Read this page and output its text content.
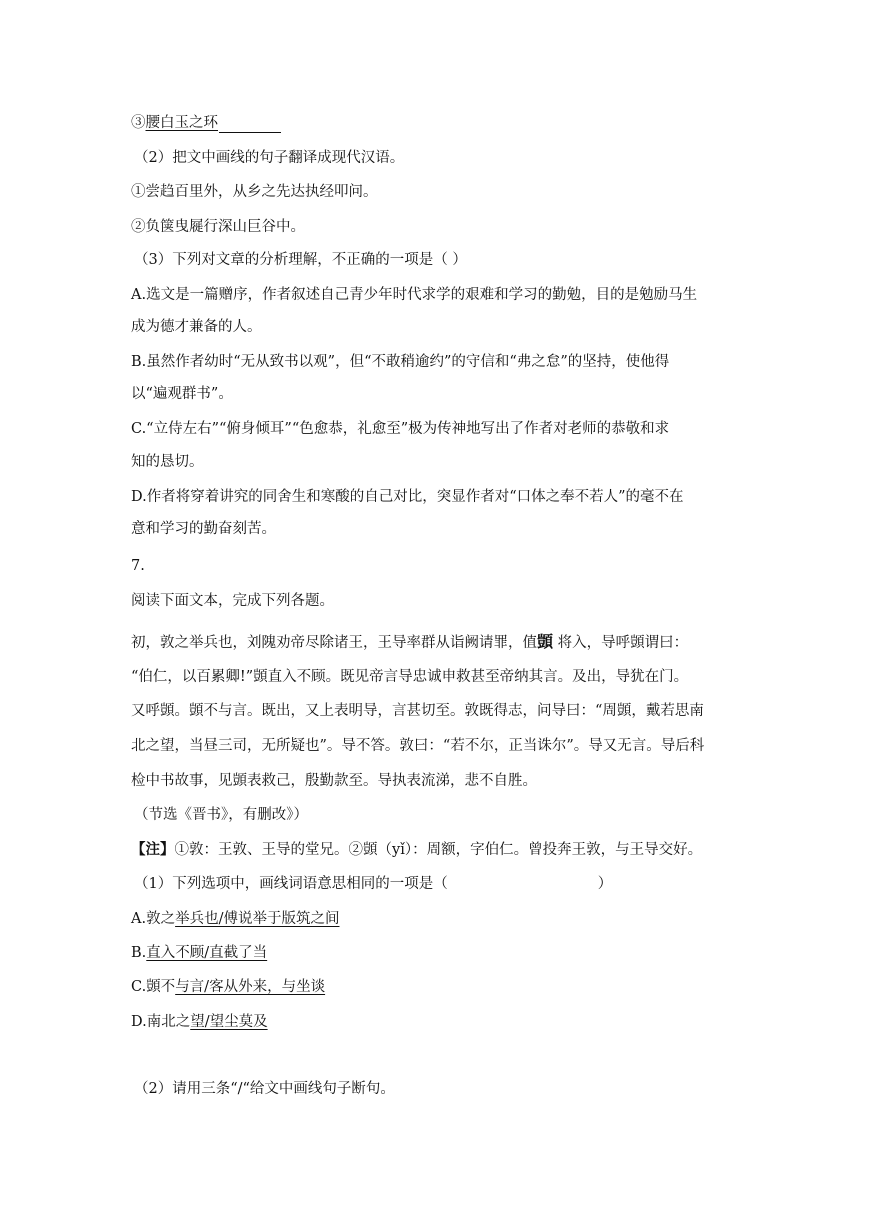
③腰白玉之环
（2）把文中画线的句子翻译成现代汉语。
①尝趋百里外，从乡之先达执经叩问。
②负箧曳屣行深山巨谷中。
（3）下列对文章的分析理解，不正确的一项是（ ）
A.选文是一篇赠序，作者叙述自己青少年时代求学的艰难和学习的勤勉，目的是勉励马生
成为德才兼备的人。
B.虽然作者幼时“无从致书以观”，但“不敢稍逾约”的守信和“弗之怠”的坚持，使他得
以“遍观群书”。
C.“立侍左右”“俯身倾耳”“色愈恭，礼愈至”极为传神地写出了作者对老师的恭敬和求
知的恳切。
D.作者将穿着讲究的同舍生和寒酸的自己对比，突显作者对“口体之奉不若人”的毫不在
意和学习的勤奋刻苦。
7.
阅读下面文本，完成下列各题。
初，敦之举兵也，刘隗劝帝尽除诸王，王导率群从诣阙请罪，值顗 将入，导呼顗谓曰：
“伯仁，以百累卿!”顗直入不顾。既见帝言导忠诚申救甚至帝纳其言。及出，导犹在门。
又呼顗。顗不与言。既出，又上表明导，言甚切至。敦既得志，问导曰：“周顗，戴若思南
北之望，当昼三司，无所疑也”。导不答。敦曰：“若不尔，正当诛尔”。导又无言。导后科
检中书故事，见顗表救己，殷勤款至。导执表流涕，悲不自胜。
（节选《晋书》，有删改》）
【注】①敦：王敦、王导的堂兄。②顗（yǐ）：周额，字伯仁。曾投奔王敦，与王导交好。
（1）下列选项中，画线词语意思相同的一项是（	）
A.敦之举兵也/傅说举于版筑之间
B.直入不顾/直截了当
C.顗不与言/客从外来，与坐谈
D.南北之望/望尘莫及
（2）请用三条“/“给文中画线句子断句。
